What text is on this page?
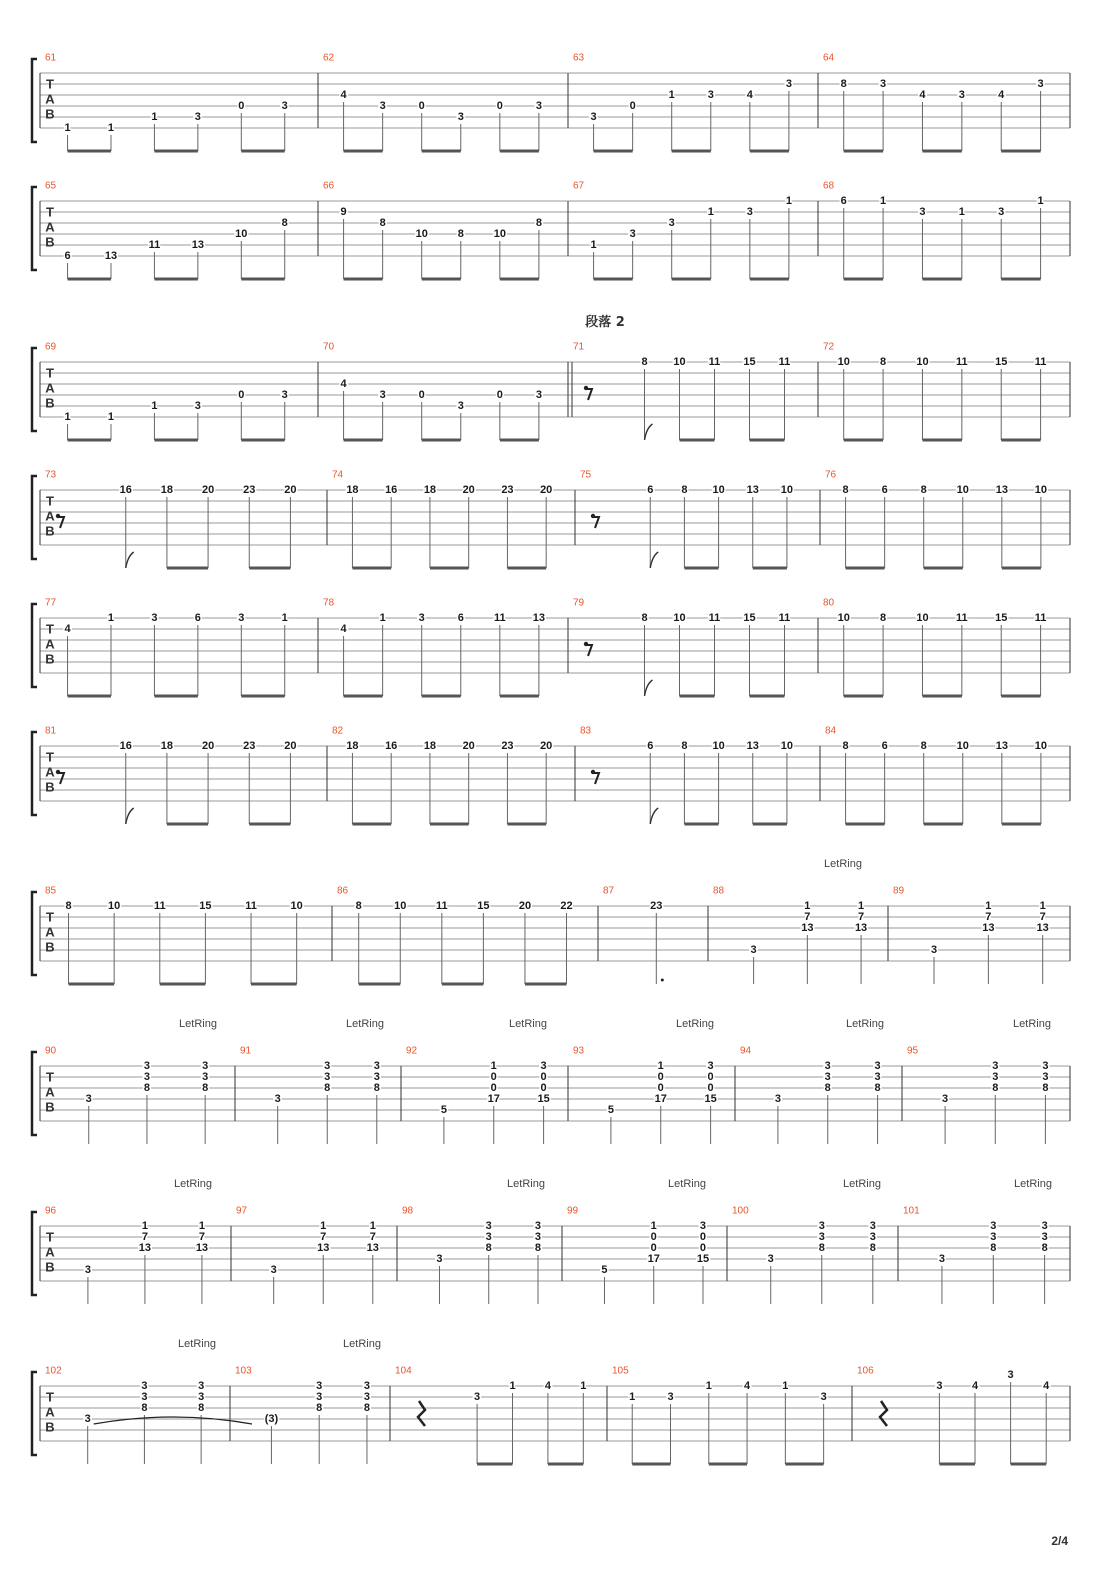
段落 2
T
A
B
61
1	1
1	3
0	3
62
4
3	0
3
0	3
63
3
0
1	3	4
3
64
8	3
4	3	4
3
T
A
B
65
6	13
11	13
10
8
66
9
8
10	8	10
8
67
1
3
3
1	3
1
68
6	1
3	1	3
1
T
A
B
69
1	1
1	3
0	3
70
4
3	0
3
0	3
71
8 10 11 15 11
72
10	8	10 11 15 11
T
A
B
73
16	18	20	23	20
74
18 16 18 20 23 20
75
6	8 10 13 10
76
8	6	8	10 13 10
T
A
B
77
4
1	3	6	3	1
78
4
1	3	6	11 13
79
8 10 11 15 11
80
10	8	10 11 15 11
T
A
B
81
16	18	20	23	20
82
18 16 18 20 23 20
83
6	8 10 13 10
84
8	6	8	10 13 10
T
A
B
85
8	10	11	15	11	10
86
8	10	11	15	20	22
87
23
88
LetRing
3
1
7
13
1
7
13
89
3
1
7
13
1
7
13
T
A
B
90
LetRing
3
3
3
8
3
3
8
91
LetRing
3
3
3
8
3
3
8
92
LetRing
5
1
0
0
17
3
0
0
15
93
LetRing
5
1
0
0
17
3
0
0
15
94
LetRing
3
3
3
8
3
3
8
95
LetRing
3
3
3
8
3
3
8
T
A
B
96
LetRing
3
1
7
13
1
7
13
97
3
1
7
13
1
7
13
98
LetRing
3
3
3
8
3
3
8
99
LetRing
5
1
0
0
17
3
0
0
15
100
LetRing
3
3
3
8
3
3
8
101
LetRing
3
3
3
8
3
3
8
T
A
B
102
LetRing
3
3
3
8
3
3
8
103
LetRing
(3)
3
3
8
3
3
8
104
3
1	4	1
105
1	3
1	4	1
3
106
3	4
3
4
2/4
